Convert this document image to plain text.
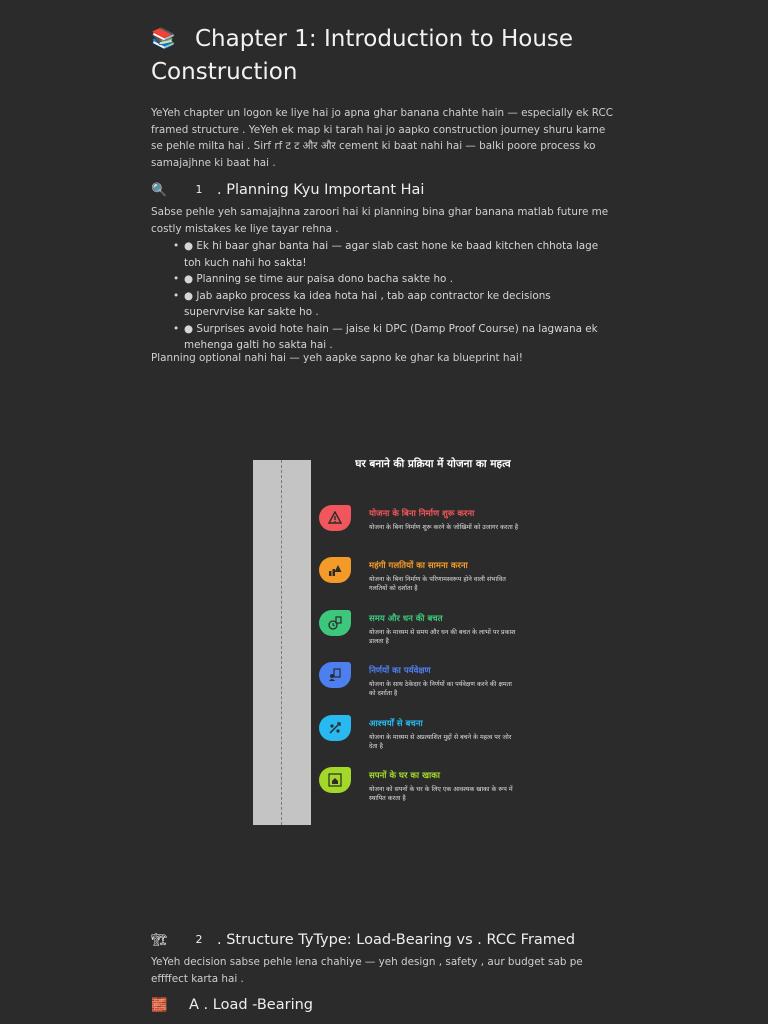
📚 Chapter 1: Introduction to House Construction

YeYeh chapter un logon ke liye hai jo apna ghar banana chahte hain — especially ek RCC framed structure . YeYeh ek map ki tarah hai jo aapko construction journey shuru karne se pehle milta hai . Sirf rf ट ट और और cement ki baat nahi hai — balki poore process ko samajajhne ki baat hai .

🔍	1 . Planning Kyu Important Hai

Sabse pehle yeh samajajhna zaroori hai ki planning bina ghar banana matlab future me costly mistakes ke liye tayar rehna .

• ● Ek hi baar ghar banta hai — agar slab cast hone ke baad kitchen chhota lage toh kuch nahi ho sakta!
• ● Planning se time aur paisa dono bacha sakte ho .
• ● Jab aapko process ka idea hota hai , tab aap contractor ke decisions supervrvise kar sakte ho .
• ● Surprises avoid hote hain — jaise ki DPC (Damp Proof Course) na lagwana ek mehenga galti ho sakta hai .

Planning optional nahi hai — yeh aapke sapno ke ghar ka blueprint hai!

घर बनाने की प्रक्रिया में योजना का महत्व
योजना के बिना निर्माण शुरू करना
योजना के बिना निर्माण शुरू करने के जोखिमों को उजागर करता है
महंगी गलतियों का सामना करना
योजना के बिना निर्माण के परिणामस्वरूप होने वाली संभावित गलतियों को दर्शाता है
समय और धन की बचत
योजना के माध्यम से समय और धन की बचत के लाभों पर प्रकाश डालता है
निर्णयों का पर्यवेक्षण
योजना के साथ ठेकेदार के निर्णयों का पर्यवेक्षण करने की क्षमता को दर्शाता है
आश्चर्यों से बचना
योजना के माध्यम से अप्रत्याशित मुद्दों से बचने के महत्व पर जोर देता है
सपनों के घर का खाका
योजना को सपनों के घर के लिए एक आवश्यक खाका के रूप में स्थापित करता है
🏗	2 . Structure TyType: Load-Bearing vs . RCC Framed

YeYeh decision sabse pehle lena chahiye — yeh design , safety , aur budget sab pe effffect karta hai .

🧱 A . Load -Bearing
